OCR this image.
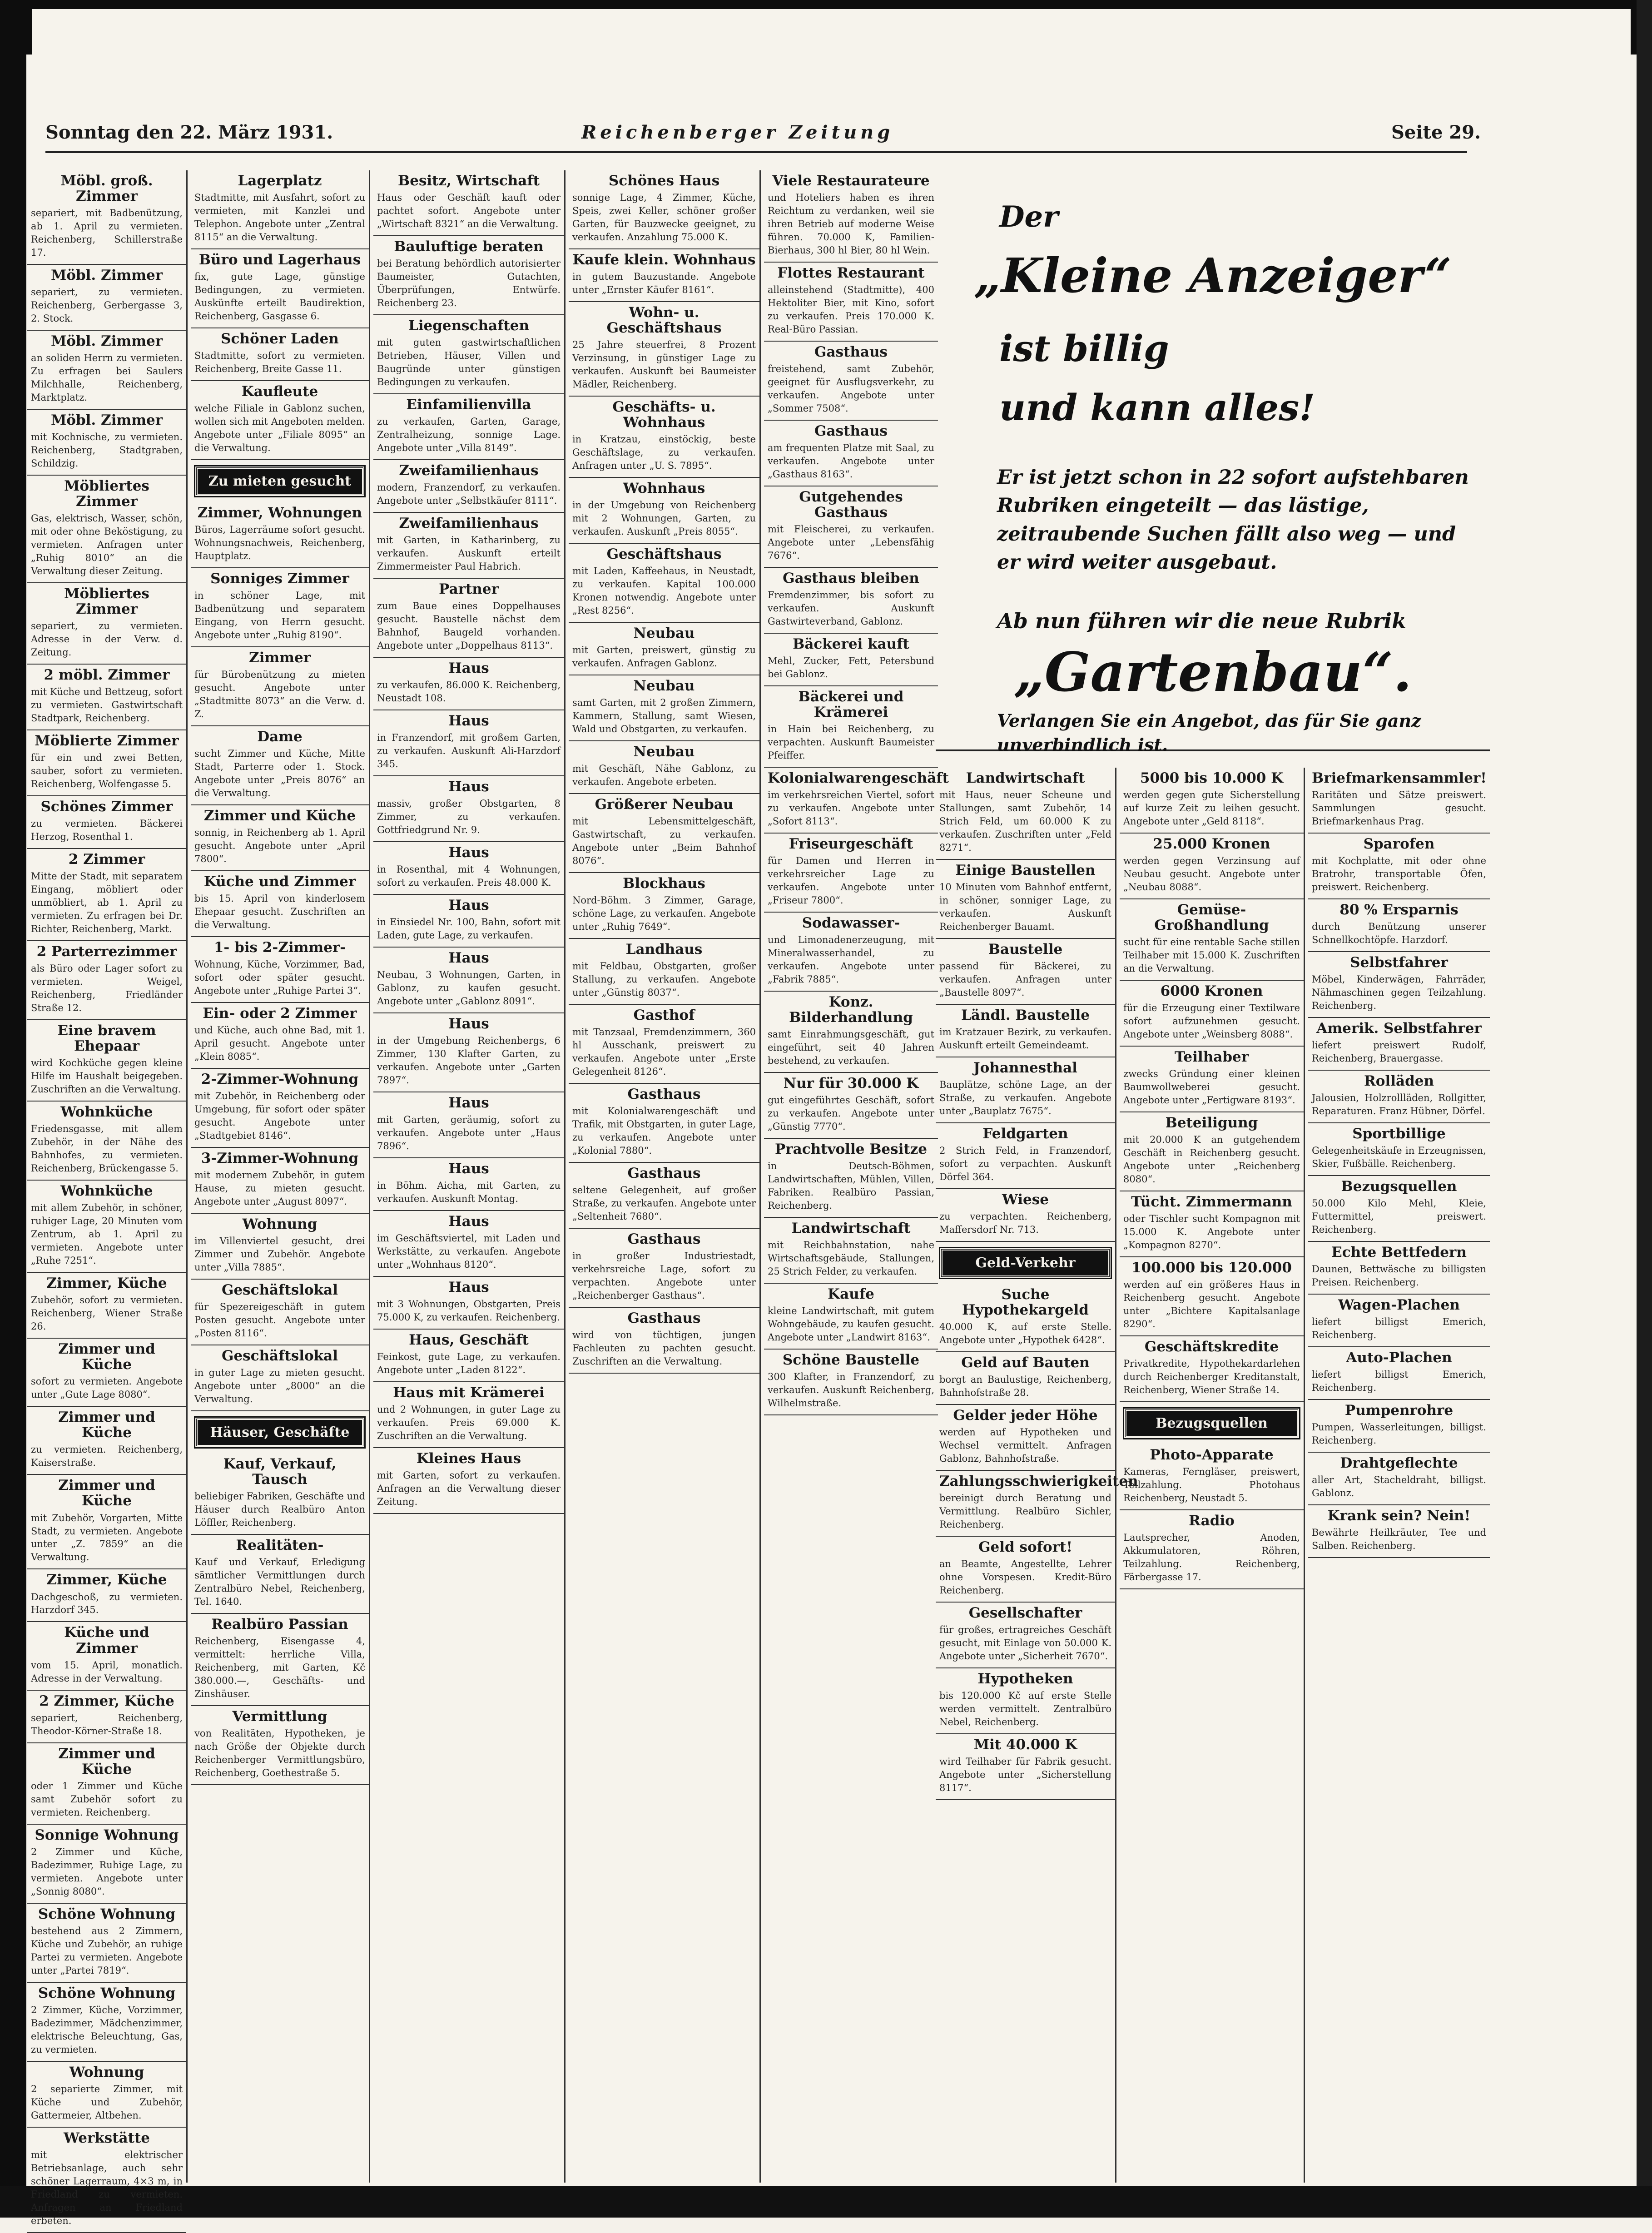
Sonntag den 22. März 1931.	Reichenberger Zeitung	Seite 29.
Möbl. groß. Zimmer

separiert, mit Badbenützung, ab 1. April zu vermieten. Reichenberg, Schillerstraße 17.

Möbl. Zimmer

separiert, zu vermieten. Reichenberg, Gerbergasse 3, 2. Stock.

Möbl. Zimmer

an soliden Herrn zu vermieten. Zu erfragen bei Saulers Milchhalle, Reichenberg, Marktplatz.

Möbl. Zimmer

mit Kochnische, zu vermieten. Reichenberg, Stadtgraben, Schildzig.

Möbliertes Zimmer

Gas, elektrisch, Wasser, schön, mit oder ohne Beköstigung, zu vermieten. Anfragen unter „Ruhig 8010“ an die Verwaltung dieser Zeitung.

Möbliertes Zimmer

separiert, zu vermieten. Adresse in der Verw. d. Zeitung.

2 möbl. Zimmer

mit Küche und Bettzeug, sofort zu vermieten. Gastwirtschaft Stadtpark, Reichenberg.

Möblierte Zimmer

für ein und zwei Betten, sauber, sofort zu vermieten. Reichenberg, Wolfengasse 5.

Schönes Zimmer

zu vermieten. Bäckerei Herzog, Rosenthal 1.

2 Zimmer

Mitte der Stadt, mit separatem Eingang, möbliert oder unmöbliert, ab 1. April zu vermieten. Zu erfragen bei Dr. Richter, Reichenberg, Markt.

2 Parterrezimmer

als Büro oder Lager sofort zu vermieten. Weigel, Reichenberg, Friedländer Straße 12.

Eine bravem Ehepaar

wird Kochküche gegen kleine Hilfe im Haushalt beigegeben. Zuschriften an die Verwaltung.

Wohnküche

Friedensgasse, mit allem Zubehör, in der Nähe des Bahnhofes, zu vermieten. Reichenberg, Brückengasse 5.

Wohnküche

mit allem Zubehör, in schöner, ruhiger Lage, 20 Minuten vom Zentrum, ab 1. April zu vermieten. Angebote unter „Ruhe 7251“.

Zimmer, Küche

Zubehör, sofort zu vermieten. Reichenberg, Wiener Straße 26.

Zimmer und Küche

sofort zu vermieten. Angebote unter „Gute Lage 8080“.

Zimmer und Küche

zu vermieten. Reichenberg, Kaiserstraße.

Zimmer und Küche

mit Zubehör, Vorgarten, Mitte Stadt, zu vermieten. Angebote unter „Z. 7859“ an die Verwaltung.

Zimmer, Küche

Dachgeschoß, zu vermieten. Harzdorf 345.

Küche und Zimmer

vom 15. April, monatlich. Adresse in der Verwaltung.

2 Zimmer, Küche

separiert, Reichenberg, Theodor-Körner-Straße 18.

Zimmer und Küche

oder 1 Zimmer und Küche samt Zubehör sofort zu vermieten. Reichenberg.

Sonnige Wohnung

2 Zimmer und Küche, Badezimmer, Ruhige Lage, zu vermieten. Angebote unter „Sonnig 8080“.

Schöne Wohnung

bestehend aus 2 Zimmern, Küche und Zubehör, an ruhige Partei zu vermieten. Angebote unter „Partei 7819“.

Schöne Wohnung

2 Zimmer, Küche, Vorzimmer, Badezimmer, Mädchenzimmer, elektrische Beleuchtung, Gas, zu vermieten.

Wohnung

2 separierte Zimmer, mit Küche und Zubehör, Gattermeier, Altbehen.

Werkstätte

mit elektrischer Betriebsanlage, auch sehr schöner Lagerraum, 4×3 m, in Friedland zu vermieten. Anfragen an Friedland erbeten.

Lagerplatz

Stadtmitte, mit Ausfahrt, sofort zu vermieten, mit Kanzlei und Telephon. Angebote unter „Zentral 8115“ an die Verwaltung.

Büro und Lagerhaus

fix, gute Lage, günstige Bedingungen, zu vermieten. Auskünfte erteilt Baudirektion, Reichenberg, Gasgasse 6.

Schöner Laden

Stadtmitte, sofort zu vermieten. Reichenberg, Breite Gasse 11.

Kaufleute

welche Filiale in Gablonz suchen, wollen sich mit Angeboten melden. Angebote unter „Filiale 8095“ an die Verwaltung.

Zu mieten gesucht
Zimmer, Wohnungen

Büros, Lagerräume sofort gesucht. Wohnungsnachweis, Reichenberg, Hauptplatz.

Sonniges Zimmer

in schöner Lage, mit Badbenützung und separatem Eingang, von Herrn gesucht. Angebote unter „Ruhig 8190“.

Zimmer

für Bürobenützung zu mieten gesucht. Angebote unter „Stadtmitte 8073“ an die Verw. d. Z.

Dame

sucht Zimmer und Küche, Mitte Stadt, Parterre oder 1. Stock. Angebote unter „Preis 8076“ an die Verwaltung.

Zimmer und Küche

sonnig, in Reichenberg ab 1. April gesucht. Angebote unter „April 7800“.

Küche und Zimmer

bis 15. April von kinderlosem Ehepaar gesucht. Zuschriften an die Verwaltung.

1- bis 2-Zimmer-

Wohnung, Küche, Vorzimmer, Bad, sofort oder später gesucht. Angebote unter „Ruhige Partei 3“.

Ein- oder 2 Zimmer

und Küche, auch ohne Bad, mit 1. April gesucht. Angebote unter „Klein 8085“.

2-Zimmer-Wohnung

mit Zubehör, in Reichenberg oder Umgebung, für sofort oder später gesucht. Angebote unter „Stadtgebiet 8146“.

3-Zimmer-Wohnung

mit modernem Zubehör, in gutem Hause, zu mieten gesucht. Angebote unter „August 8097“.

Wohnung

im Villenviertel gesucht, drei Zimmer und Zubehör. Angebote unter „Villa 7885“.

Geschäftslokal

für Spezereigeschäft in gutem Posten gesucht. Angebote unter „Posten 8116“.

Geschäftslokal

in guter Lage zu mieten gesucht. Angebote unter „8000“ an die Verwaltung.

Häuser, Geschäfte
Kauf, Verkauf, Tausch

beliebiger Fabriken, Geschäfte und Häuser durch Realbüro Anton Löffler, Reichenberg.

Realitäten-

Kauf und Verkauf, Erledigung sämtlicher Vermittlungen durch Zentralbüro Nebel, Reichenberg, Tel. 1640.

Realbüro Passian

Reichenberg, Eisengasse 4, vermittelt: herrliche Villa, Reichenberg, mit Garten, Kč 380.000.—, Geschäfts- und Zinshäuser.

Vermittlung

von Realitäten, Hypotheken, je nach Größe der Objekte durch Reichenberger Vermittlungsbüro, Reichenberg, Goethestraße 5.

Besitz, Wirtschaft

Haus oder Geschäft kauft oder pachtet sofort. Angebote unter „Wirtschaft 8321“ an die Verwaltung.

Bauluftige beraten

bei Beratung behördlich autorisierter Baumeister, Gutachten, Überprüfungen, Entwürfe. Reichenberg 23.

Liegenschaften

mit guten gastwirtschaftlichen Betrieben, Häuser, Villen und Baugründe unter günstigen Bedingungen zu verkaufen.

Einfamilienvilla

zu verkaufen, Garten, Garage, Zentralheizung, sonnige Lage. Angebote unter „Villa 8149“.

Zweifamilienhaus

modern, Franzendorf, zu verkaufen. Angebote unter „Selbstkäufer 8111“.

Zweifamilienhaus

mit Garten, in Katharinberg, zu verkaufen. Auskunft erteilt Zimmermeister Paul Habrich.

Partner

zum Baue eines Doppelhauses gesucht. Baustelle nächst dem Bahnhof, Baugeld vorhanden. Angebote unter „Doppelhaus 8113“.

Haus

zu verkaufen, 86.000 K. Reichenberg, Neustadt 108.

Haus

in Franzendorf, mit großem Garten, zu verkaufen. Auskunft Ali-Harzdorf 345.

Haus

massiv, großer Obstgarten, 8 Zimmer, zu verkaufen. Gottfriedgrund Nr. 9.

Haus

in Rosenthal, mit 4 Wohnungen, sofort zu verkaufen. Preis 48.000 K.

Haus

in Einsiedel Nr. 100, Bahn, sofort mit Laden, gute Lage, zu verkaufen.

Haus

Neubau, 3 Wohnungen, Garten, in Gablonz, zu kaufen gesucht. Angebote unter „Gablonz 8091“.

Haus

in der Umgebung Reichenbergs, 6 Zimmer, 130 Klafter Garten, zu verkaufen. Angebote unter „Garten 7897“.

Haus

mit Garten, geräumig, sofort zu verkaufen. Angebote unter „Haus 7896“.

Haus

in Böhm. Aicha, mit Garten, zu verkaufen. Auskunft Montag.

Haus

im Geschäftsviertel, mit Laden und Werkstätte, zu verkaufen. Angebote unter „Wohnhaus 8120“.

Haus

mit 3 Wohnungen, Obstgarten, Preis 75.000 K, zu verkaufen. Reichenberg.

Haus, Geschäft

Feinkost, gute Lage, zu verkaufen. Angebote unter „Laden 8122“.

Haus mit Krämerei

und 2 Wohnungen, in guter Lage zu verkaufen. Preis 69.000 K. Zuschriften an die Verwaltung.

Kleines Haus

mit Garten, sofort zu verkaufen. Anfragen an die Verwaltung dieser Zeitung.

Schönes Haus

sonnige Lage, 4 Zimmer, Küche, Speis, zwei Keller, schöner großer Garten, für Bauzwecke geeignet, zu verkaufen. Anzahlung 75.000 K.

Kaufe klein. Wohnhaus

in gutem Bauzustande. Angebote unter „Ernster Käufer 8161“.

Wohn- u. Geschäftshaus

25 Jahre steuerfrei, 8 Prozent Verzinsung, in günstiger Lage zu verkaufen. Auskunft bei Baumeister Mädler, Reichenberg.

Geschäfts- u. Wohnhaus

in Kratzau, einstöckig, beste Geschäftslage, zu verkaufen. Anfragen unter „U. S. 7895“.

Wohnhaus

in der Umgebung von Reichenberg mit 2 Wohnungen, Garten, zu verkaufen. Auskunft „Preis 8055“.

Geschäftshaus

mit Laden, Kaffeehaus, in Neustadt, zu verkaufen. Kapital 100.000 Kronen notwendig. Angebote unter „Rest 8256“.

Neubau

mit Garten, preiswert, günstig zu verkaufen. Anfragen Gablonz.

Neubau

samt Garten, mit 2 großen Zimmern, Kammern, Stallung, samt Wiesen, Wald und Obstgarten, zu verkaufen.

Neubau

mit Geschäft, Nähe Gablonz, zu verkaufen. Angebote erbeten.

Größerer Neubau

mit Lebensmittelgeschäft, Gastwirtschaft, zu verkaufen. Angebote unter „Beim Bahnhof 8076“.

Blockhaus

Nord-Böhm. 3 Zimmer, Garage, schöne Lage, zu verkaufen. Angebote unter „Ruhig 7649“.

Landhaus

mit Feldbau, Obstgarten, großer Stallung, zu verkaufen. Angebote unter „Günstig 8037“.

Gasthof

mit Tanzsaal, Fremdenzimmern, 360 hl Ausschank, preiswert zu verkaufen. Angebote unter „Erste Gelegenheit 8126“.

Gasthaus

mit Kolonialwarengeschäft und Trafik, mit Obstgarten, in guter Lage, zu verkaufen. Angebote unter „Kolonial 7880“.

Gasthaus

seltene Gelegenheit, auf großer Straße, zu verkaufen. Angebote unter „Seltenheit 7680“.

Gasthaus

in großer Industriestadt, verkehrsreiche Lage, sofort zu verpachten. Angebote unter „Reichenberger Gasthaus“.

Gasthaus

wird von tüchtigen, jungen Fachleuten zu pachten gesucht. Zuschriften an die Verwaltung.

Viele Restaurateure

und Hoteliers haben es ihren Reichtum zu verdanken, weil sie ihren Betrieb auf moderne Weise führen. 70.000 K, Familien-Bierhaus, 300 hl Bier, 80 hl Wein.

Flottes Restaurant

alleinstehend (Stadtmitte), 400 Hektoliter Bier, mit Kino, sofort zu verkaufen. Preis 170.000 K. Real-Büro Passian.

Gasthaus

freistehend, samt Zubehör, geeignet für Ausflugsverkehr, zu verkaufen. Angebote unter „Sommer 7508“.

Gasthaus

am frequenten Platze mit Saal, zu verkaufen. Angebote unter „Gasthaus 8163“.

Gutgehendes Gasthaus

mit Fleischerei, zu verkaufen. Angebote unter „Lebensfähig 7676“.

Gasthaus bleiben

Fremdenzimmer, bis sofort zu verkaufen. Auskunft Gastwirteverband, Gablonz.

Bäckerei kauft

Mehl, Zucker, Fett, Petersbund bei Gablonz.

Bäckerei und Krämerei

in Hain bei Reichenberg, zu verpachten. Auskunft Baumeister Pfeiffer.

Kolonialwarengeschäft

im verkehrsreichen Viertel, sofort zu verkaufen. Angebote unter „Sofort 8113“.

Friseurgeschäft

für Damen und Herren in verkehrsreicher Lage zu verkaufen. Angebote unter „Friseur 7800“.

Sodawasser-

und Limonadenerzeugung, mit Mineralwasserhandel, zu verkaufen. Angebote unter „Fabrik 7885“.

Konz. Bilderhandlung

samt Einrahmungsgeschäft, gut eingeführt, seit 40 Jahren bestehend, zu verkaufen.

Nur für 30.000 K

gut eingeführtes Geschäft, sofort zu verkaufen. Angebote unter „Günstig 7770“.

Prachtvolle Besitze

in Deutsch-Böhmen, Landwirtschaften, Mühlen, Villen, Fabriken. Realbüro Passian, Reichenberg.

Landwirtschaft

mit Reichbahnstation, nahe Wirtschaftsgebäude, Stallungen, 25 Strich Felder, zu verkaufen.

Kaufe

kleine Landwirtschaft, mit gutem Wohngebäude, zu kaufen gesucht. Angebote unter „Landwirt 8163“.

Schöne Baustelle

300 Klafter, in Franzendorf, zu verkaufen. Auskunft Reichenberg, Wilhelmstraße.

Der
„Kleine Anzeiger“
ist billig
und kann alles!
Er ist jetzt schon in 22 sofort aufstehbaren Rubriken eingeteilt — das lästige, zeitraubende Suchen fällt also weg — und er wird weiter ausgebaut.
Ab nun führen wir die neue Rubrik
„Gartenbau“.
Verlangen Sie ein Angebot, das für Sie ganz unverbindlich ist.
Landwirtschaft

mit Haus, neuer Scheune und Stallungen, samt Zubehör, 14 Strich Feld, um 60.000 K zu verkaufen. Zuschriften unter „Feld 8271“.

Einige Baustellen

10 Minuten vom Bahnhof entfernt, in schöner, sonniger Lage, zu verkaufen. Auskunft Reichenberger Bauamt.

Baustelle

passend für Bäckerei, zu verkaufen. Anfragen unter „Baustelle 8097“.

Ländl. Baustelle

im Kratzauer Bezirk, zu verkaufen. Auskunft erteilt Gemeindeamt.

Johannesthal

Bauplätze, schöne Lage, an der Straße, zu verkaufen. Angebote unter „Bauplatz 7675“.

Feldgarten

2 Strich Feld, in Franzendorf, sofort zu verpachten. Auskunft Dörfel 364.

Wiese

zu verpachten. Reichenberg, Maffersdorf Nr. 713.

Geld-Verkehr
Suche Hypothekargeld

40.000 K, auf erste Stelle. Angebote unter „Hypothek 6428“.

Geld auf Bauten

borgt an Baulustige, Reichenberg, Bahnhofstraße 28.

Gelder jeder Höhe

werden auf Hypotheken und Wechsel vermittelt. Anfragen Gablonz, Bahnhofstraße.

Zahlungsschwierigkeiten

bereinigt durch Beratung und Vermittlung. Realbüro Sichler, Reichenberg.

Geld sofort!

an Beamte, Angestellte, Lehrer ohne Vorspesen. Kredit-Büro Reichenberg.

Gesellschafter

für großes, ertragreiches Geschäft gesucht, mit Einlage von 50.000 K. Angebote unter „Sicherheit 7670“.

Hypotheken

bis 120.000 Kč auf erste Stelle werden vermittelt. Zentralbüro Nebel, Reichenberg.

Mit 40.000 K

wird Teilhaber für Fabrik gesucht. Angebote unter „Sicherstellung 8117“.

5000 bis 10.000 K

werden gegen gute Sicherstellung auf kurze Zeit zu leihen gesucht. Angebote unter „Geld 8118“.

25.000 Kronen

werden gegen Verzinsung auf Neubau gesucht. Angebote unter „Neubau 8088“.

Gemüse-Großhandlung

sucht für eine rentable Sache stillen Teilhaber mit 15.000 K. Zuschriften an die Verwaltung.

6000 Kronen

für die Erzeugung einer Textilware sofort aufzunehmen gesucht. Angebote unter „Weinsberg 8088“.

Teilhaber

zwecks Gründung einer kleinen Baumwollweberei gesucht. Angebote unter „Fertigware 8193“.

Beteiligung

mit 20.000 K an gutgehendem Geschäft in Reichenberg gesucht. Angebote unter „Reichenberg 8080“.

Tücht. Zimmermann

oder Tischler sucht Kompagnon mit 15.000 K. Angebote unter „Kompagnon 8270“.

100.000 bis 120.000

werden auf ein größeres Haus in Reichenberg gesucht. Angebote unter „Bichtere Kapitalsanlage 8290“.

Geschäftskredite

Privatkredite, Hypothekardarlehen durch Reichenberger Kreditanstalt, Reichenberg, Wiener Straße 14.

Bezugsquellen
Photo-Apparate

Kameras, Ferngläser, preiswert, Teilzahlung. Photohaus Reichenberg, Neustadt 5.

Radio

Lautsprecher, Anoden, Akkumulatoren, Röhren, Teilzahlung. Reichenberg, Färbergasse 17.

Briefmarkensammler!

Raritäten und Sätze preiswert. Sammlungen gesucht. Briefmarkenhaus Prag.

Sparofen

mit Kochplatte, mit oder ohne Bratrohr, transportable Öfen, preiswert. Reichenberg.

80 % Ersparnis

durch Benützung unserer Schnellkochtöpfe. Harzdorf.

Selbstfahrer

Möbel, Kinderwägen, Fahrräder, Nähmaschinen gegen Teilzahlung. Reichenberg.

Amerik. Selbstfahrer

liefert preiswert Rudolf, Reichenberg, Brauergasse.

Rolläden

Jalousien, Holzrollläden, Rollgitter, Reparaturen. Franz Hübner, Dörfel.

Sportbillige

Gelegenheitskäufe in Erzeugnissen, Skier, Fußbälle. Reichenberg.

Bezugsquellen

50.000 Kilo Mehl, Kleie, Futtermittel, preiswert. Reichenberg.

Echte Bettfedern

Daunen, Bettwäsche zu billigsten Preisen. Reichenberg.

Wagen-Plachen

liefert billigst Emerich, Reichenberg.

Auto-Plachen

liefert billigst Emerich, Reichenberg.

Pumpenrohre

Pumpen, Wasserleitungen, billigst. Reichenberg.

Drahtgeflechte

aller Art, Stacheldraht, billigst. Gablonz.

Krank sein? Nein!

Bewährte Heilkräuter, Tee und Salben. Reichenberg.
